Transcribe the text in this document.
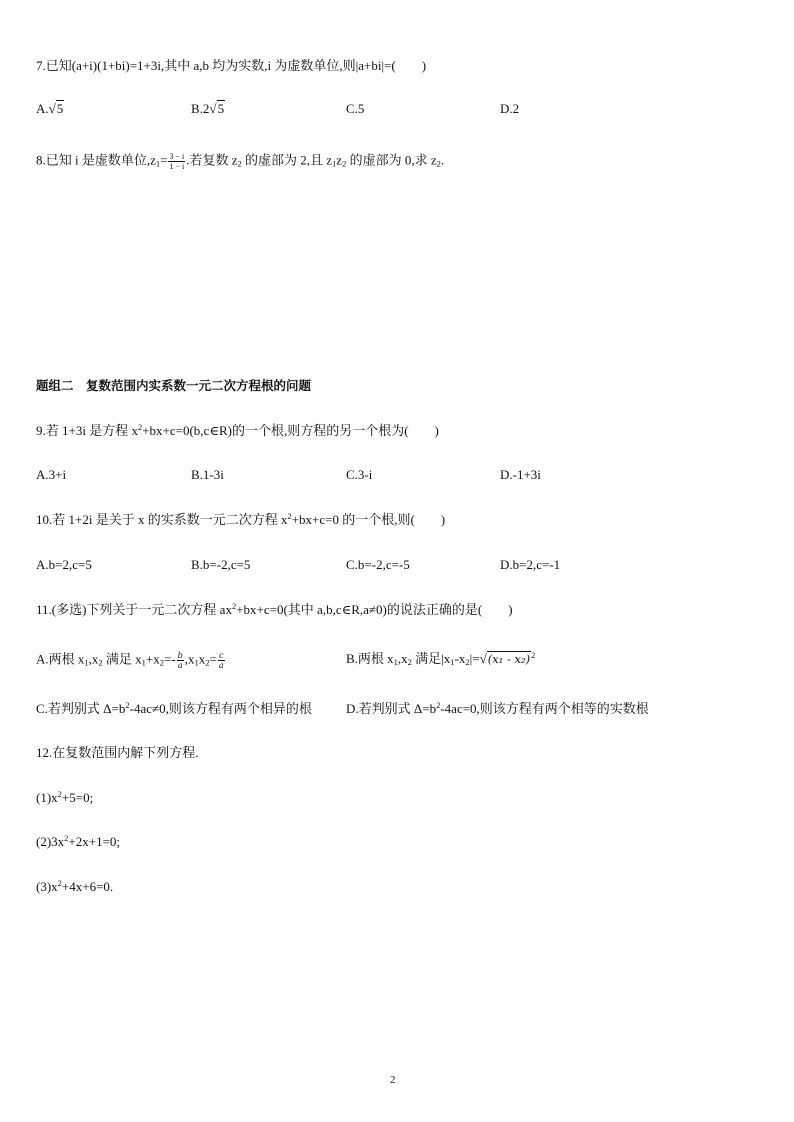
7.已知(a+i)(1+bi)=1+3i,其中 a,b 均为实数,i 为虚数单位,则|a+bi|=(　　)
A.√5	B.2√5	C.5	D.2
8.已知 i 是虚数单位$,z_1= \frac{3 - i}{1 - i}$ .若复数 $z_2$ 的虚部为 2,且 $z_1z_2$ 的虚部为 0,求 $z_2$.
题组二　复数范围内实系数一元二次方程根的问题
9.若 1+3i 是方程 $x^2+bx+c=0(b,c\in R)$的一个根,则方程的另一个根为(　　)
A.3+i	B.1-3i	C.3-i	D.-1+3i
10.若 1+2i 是关于 x 的实系数一元二次方程 $x^2+bx+c=0$ 的一个根,则(　　)
A.b=2,c=5	B.b=-2,c=5	C.b=-2,c=-5	D.b=2,c=-1
11.(多选)下列关于一元二次方程 $ax^2+bx+c=0$(其中 a,b,c∈R,a≠0)的说法正确的是(　　)
A.两根 $x_1,x_2$ 满足 $x_1+x_2=- \frac{b}{a} ,x_1x_2= \frac{c}{a}$	B.两根 $x_1,x_2$ 满足$|x_1-x_2|=√(x_1 - x_2)^2$
C.若判别式 $\Delta=b^2-4ac\ne 0$,则该方程有两个相异的根	D.若判别式 $\Delta=b^2-4ac=0$,则该方程有两个相等的实数根
12.在复数范围内解下列方程.
$(1)x^2+5=0$;
$(2)3x^2+2x+1=0$;
$(3)x^2+4x+6=0$.
2
